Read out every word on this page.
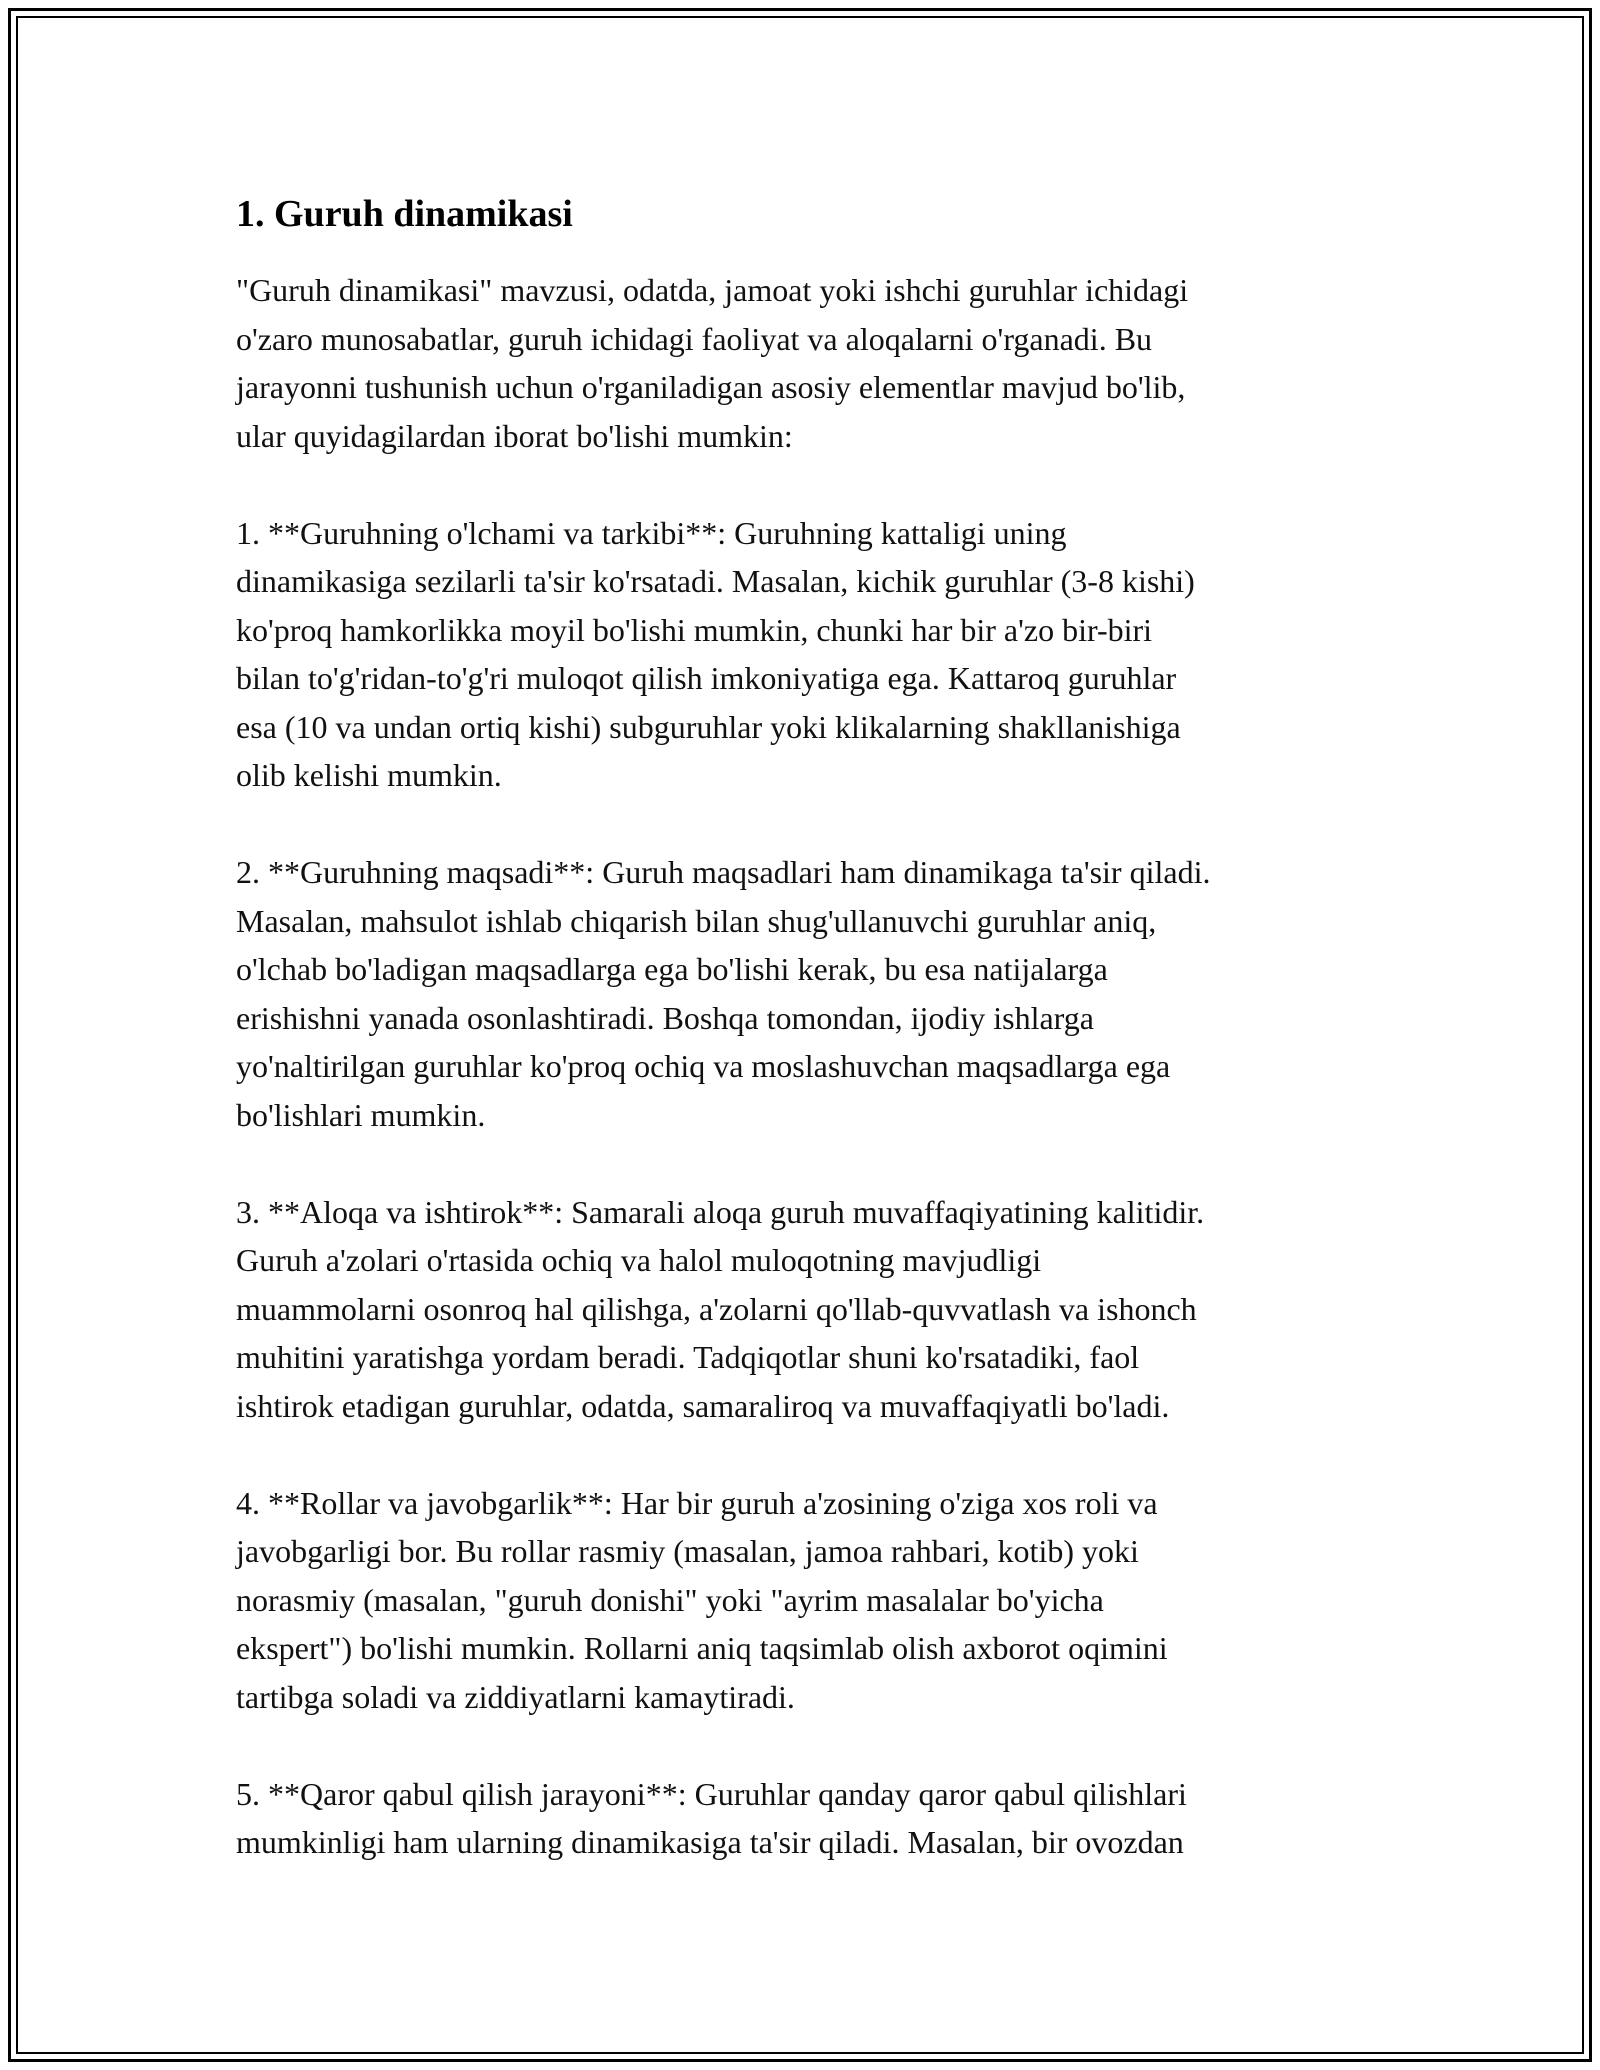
1. Guruh dinamikasi

"Guruh dinamikasi" mavzusi, odatda, jamoat yoki ishchi guruhlar ichidagi
o'zaro munosabatlar, guruh ichidagi faoliyat va aloqalarni o'rganadi. Bu
jarayonni tushunish uchun o'rganiladigan asosiy elementlar mavjud bo'lib,
ular quyidagilardan iborat bo'lishi mumkin:

1. **Guruhning o'lchami va tarkibi**: Guruhning kattaligi uning
dinamikasiga sezilarli ta'sir ko'rsatadi. Masalan, kichik guruhlar (3-8 kishi)
ko'proq hamkorlikka moyil bo'lishi mumkin, chunki har bir a'zo bir-biri
bilan to'g'ridan-to'g'ri muloqot qilish imkoniyatiga ega. Kattaroq guruhlar
esa (10 va undan ortiq kishi) subguruhlar yoki klikalarning shakllanishiga
olib kelishi mumkin.

2. **Guruhning maqsadi**: Guruh maqsadlari ham dinamikaga ta'sir qiladi.
Masalan, mahsulot ishlab chiqarish bilan shug'ullanuvchi guruhlar aniq,
o'lchab bo'ladigan maqsadlarga ega bo'lishi kerak, bu esa natijalarga
erishishni yanada osonlashtiradi. Boshqa tomondan, ijodiy ishlarga
yo'naltirilgan guruhlar ko'proq ochiq va moslashuvchan maqsadlarga ega
bo'lishlari mumkin.

3. **Aloqa va ishtirok**: Samarali aloqa guruh muvaffaqiyatining kalitidir.
Guruh a'zolari o'rtasida ochiq va halol muloqotning mavjudligi
muammolarni osonroq hal qilishga, a'zolarni qo'llab-quvvatlash va ishonch
muhitini yaratishga yordam beradi. Tadqiqotlar shuni ko'rsatadiki, faol
ishtirok etadigan guruhlar, odatda, samaraliroq va muvaffaqiyatli bo'ladi.

4. **Rollar va javobgarlik**: Har bir guruh a'zosining o'ziga xos roli va
javobgarligi bor. Bu rollar rasmiy (masalan, jamoa rahbari, kotib) yoki
norasmiy (masalan, "guruh donishi" yoki "ayrim masalalar bo'yicha
ekspert") bo'lishi mumkin. Rollarni aniq taqsimlab olish axborot oqimini
tartibga soladi va ziddiyatlarni kamaytiradi.

5. **Qaror qabul qilish jarayoni**: Guruhlar qanday qaror qabul qilishlari
mumkinligi ham ularning dinamikasiga ta'sir qiladi. Masalan, bir ovozdan
